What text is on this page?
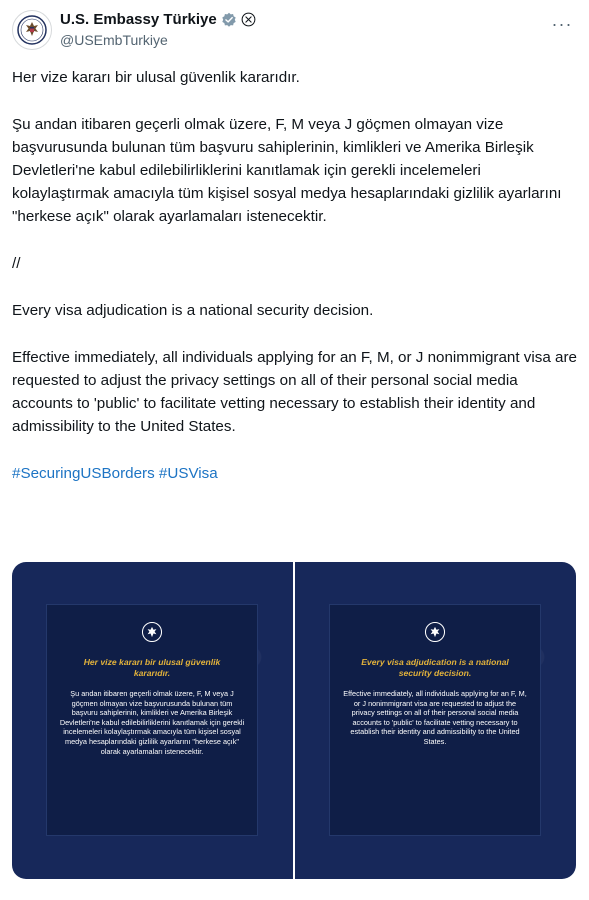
U.S. Embassy Türkiye
@USEmbTurkiye
···

Her vize kararı bir ulusal güvenlik kararıdır.

Şu andan itibaren geçerli olmak üzere, F, M veya J göçmen olmayan vize başvurusunda bulunan tüm başvuru sahiplerinin, kimlikleri ve Amerika Birleşik Devletleri'ne kabul edilebilirliklerini kanıtlamak için gerekli incelemeleri kolaylaştırmak amacıyla tüm kişisel sosyal medya hesaplarındaki gizlilik ayarlarını "herkese açık" olarak ayarlamaları istenecektir.

//

Every visa adjudication is a national security decision.

Effective immediately, all individuals applying for an F, M, or J nonimmigrant visa are requested to adjust the privacy settings on all of their personal social media accounts to 'public' to facilitate vetting necessary to establish their identity and admissibility to the United States.

#SecuringUSBorders #USVisa

Her vize kararı bir ulusal güvenlik kararıdır.
Şu andan itibaren geçerli olmak üzere, F, M veya J göçmen olmayan vize başvurusunda bulunan tüm başvuru sahiplerinin, kimlikleri ve Amerika Birleşik Devletleri'ne kabul edilebilirliklerini kanıtlamak için gerekli incelemeleri kolaylaştırmak amacıyla tüm kişisel sosyal medya hesaplarındaki gizlilik ayarlarını "herkese açık" olarak ayarlamaları istenecektir.
Every visa adjudication is a national security decision.
Effective immediately, all individuals applying for an F, M, or J nonimmigrant visa are requested to adjust the privacy settings on all of their personal social media accounts to 'public' to facilitate vetting necessary to establish their identity and admissibility to the United States.
